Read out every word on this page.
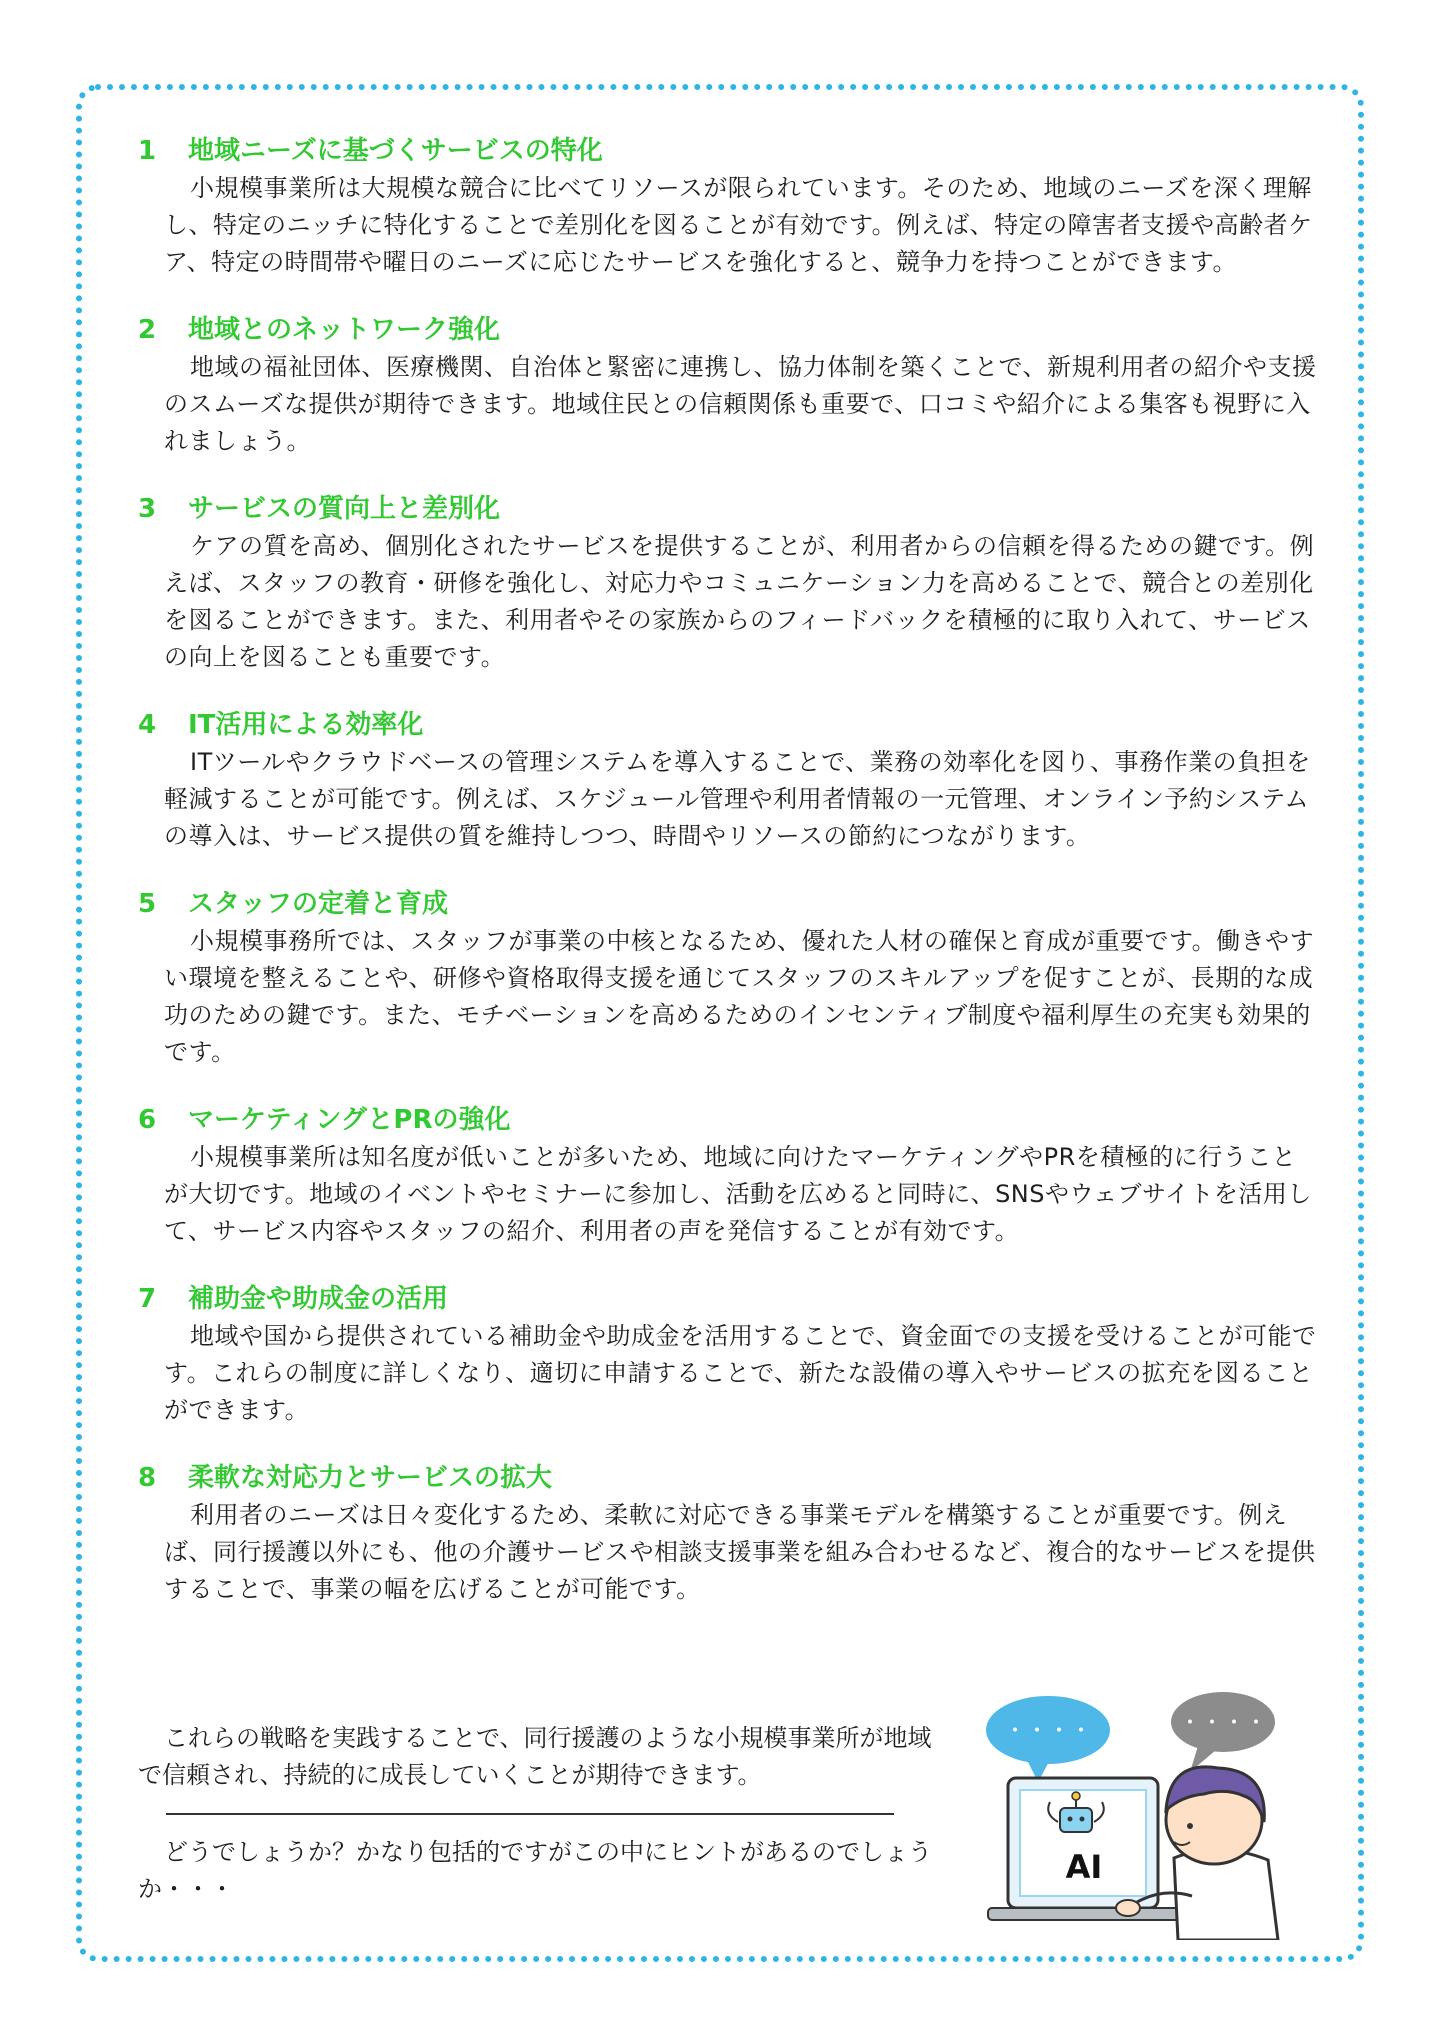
1	地域ニーズに基づくサービスの特化

小規模事業所は大規模な競合に比べてリソースが限られています。そのため、地域のニーズを深く理解し、特定のニッチに特化することで差別化を図ることが有効です。例えば、特定の障害者支援や高齢者ケア、特定の時間帯や曜日のニーズに応じたサービスを強化すると、競争力を持つことができます。

2	地域とのネットワーク強化

地域の福祉団体、医療機関、自治体と緊密に連携し、協力体制を築くことで、新規利用者の紹介や支援のスムーズな提供が期待できます。地域住民との信頼関係も重要で、口コミや紹介による集客も視野に入れましょう。

3	サービスの質向上と差別化

ケアの質を高め、個別化されたサービスを提供することが、利用者からの信頼を得るための鍵です。例えば、スタッフの教育・研修を強化し、対応力やコミュニケーション力を高めることで、競合との差別化を図ることができます。また、利用者やその家族からのフィードバックを積極的に取り入れて、サービスの向上を図ることも重要です。

4	IT活用による効率化

ITツールやクラウドベースの管理システムを導入することで、業務の効率化を図り、事務作業の負担を軽減することが可能です。例えば、スケジュール管理や利用者情報の一元管理、オンライン予約システムの導入は、サービス提供の質を維持しつつ、時間やリソースの節約につながります。

5	スタッフの定着と育成

小規模事務所では、スタッフが事業の中核となるため、優れた人材の確保と育成が重要です。働きやすい環境を整えることや、研修や資格取得支援を通じてスタッフのスキルアップを促すことが、長期的な成功のための鍵です。また、モチベーションを高めるためのインセンティブ制度や福利厚生の充実も効果的です。

6	マーケティングとPRの強化

小規模事業所は知名度が低いことが多いため、地域に向けたマーケティングやPRを積極的に行うことが大切です。地域のイベントやセミナーに参加し、活動を広めると同時に、SNSやウェブサイトを活用して、サービス内容やスタッフの紹介、利用者の声を発信することが有効です。

7	補助金や助成金の活用

地域や国から提供されている補助金や助成金を活用することで、資金面での支援を受けることが可能です。これらの制度に詳しくなり、適切に申請することで、新たな設備の導入やサービスの拡充を図ることができます。

8	柔軟な対応力とサービスの拡大

利用者のニーズは日々変化するため、柔軟に対応できる事業モデルを構築することが重要です。例えば、同行援護以外にも、他の介護サービスや相談支援事業を組み合わせるなど、複合的なサービスを提供することで、事業の幅を広げることが可能です。

これらの戦略を実践することで、同行援護のような小規模事業所が地域で信頼され、持続的に成長していくことが期待できます。

どうでしょうか？かなり包括的ですがこの中にヒントがあるのでしょうか・・・

・・・・	・・・・
AI
